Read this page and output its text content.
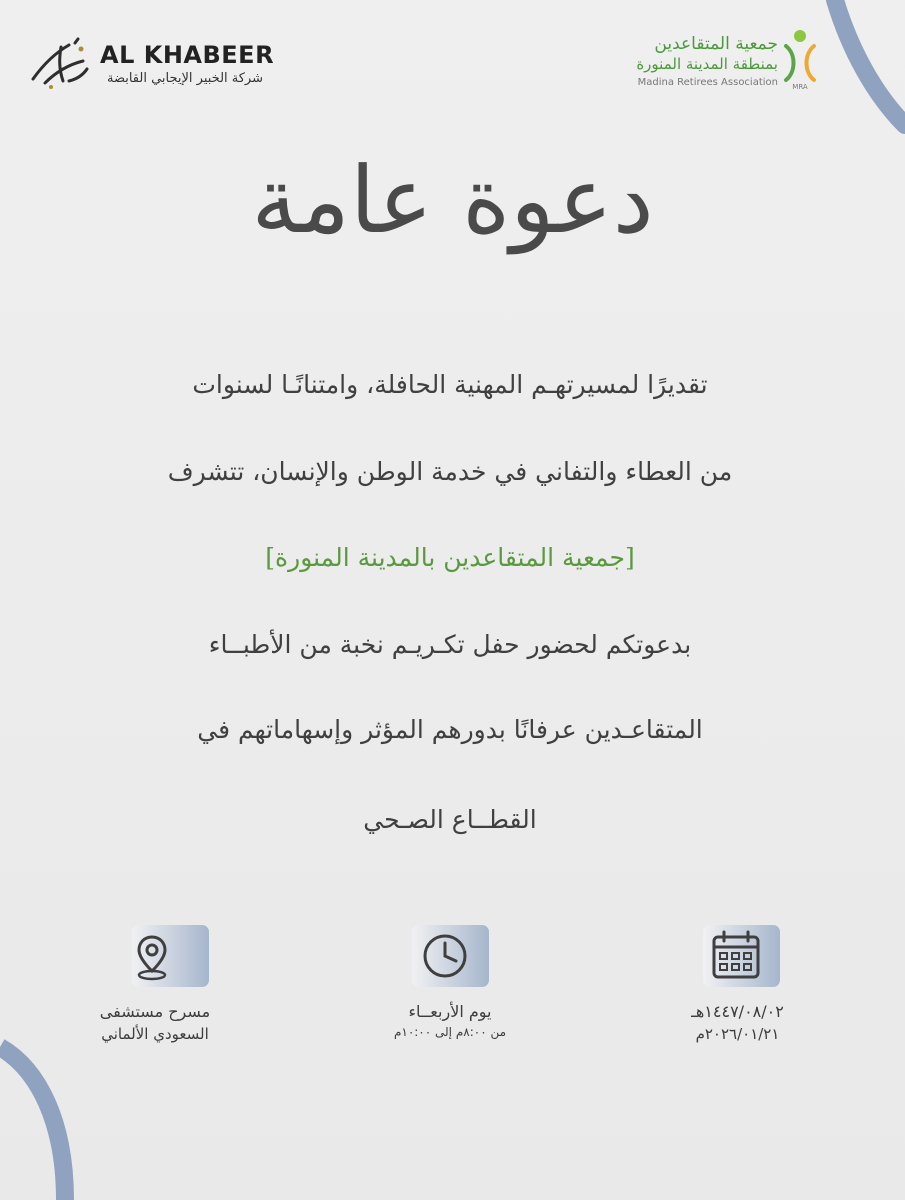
AL KHABEER
شركة الخبير الإيجابي القابضة
جمعية المتقاعدين
بمنطقة المدينة المنورة
Madina Retirees Association MRA
دعوة عامة
تقديرًا لمسيرتهـم المهنية الحافلة، وامتنانًـا لسنوات
من العطاء والتفاني في خدمة الوطن والإنسان، تتشرف
[جمعية المتقاعدين بالمدينة المنورة]
بدعوتكم لحضور حفل تكـريـم نخبة من الأطبــاء
المتقاعـدين عرفانًا بدورهم المؤثر وإسهاماتهم في
القطــاع الصـحي
مسرح مستشفى
السعودي الألماني
يوم الأربعــاء
من ٨:٠٠م إلى ١٠:٠٠م
١٤٤٧/٠٨/٠٢هـ
٢٠٢٦/٠١/٢١م
